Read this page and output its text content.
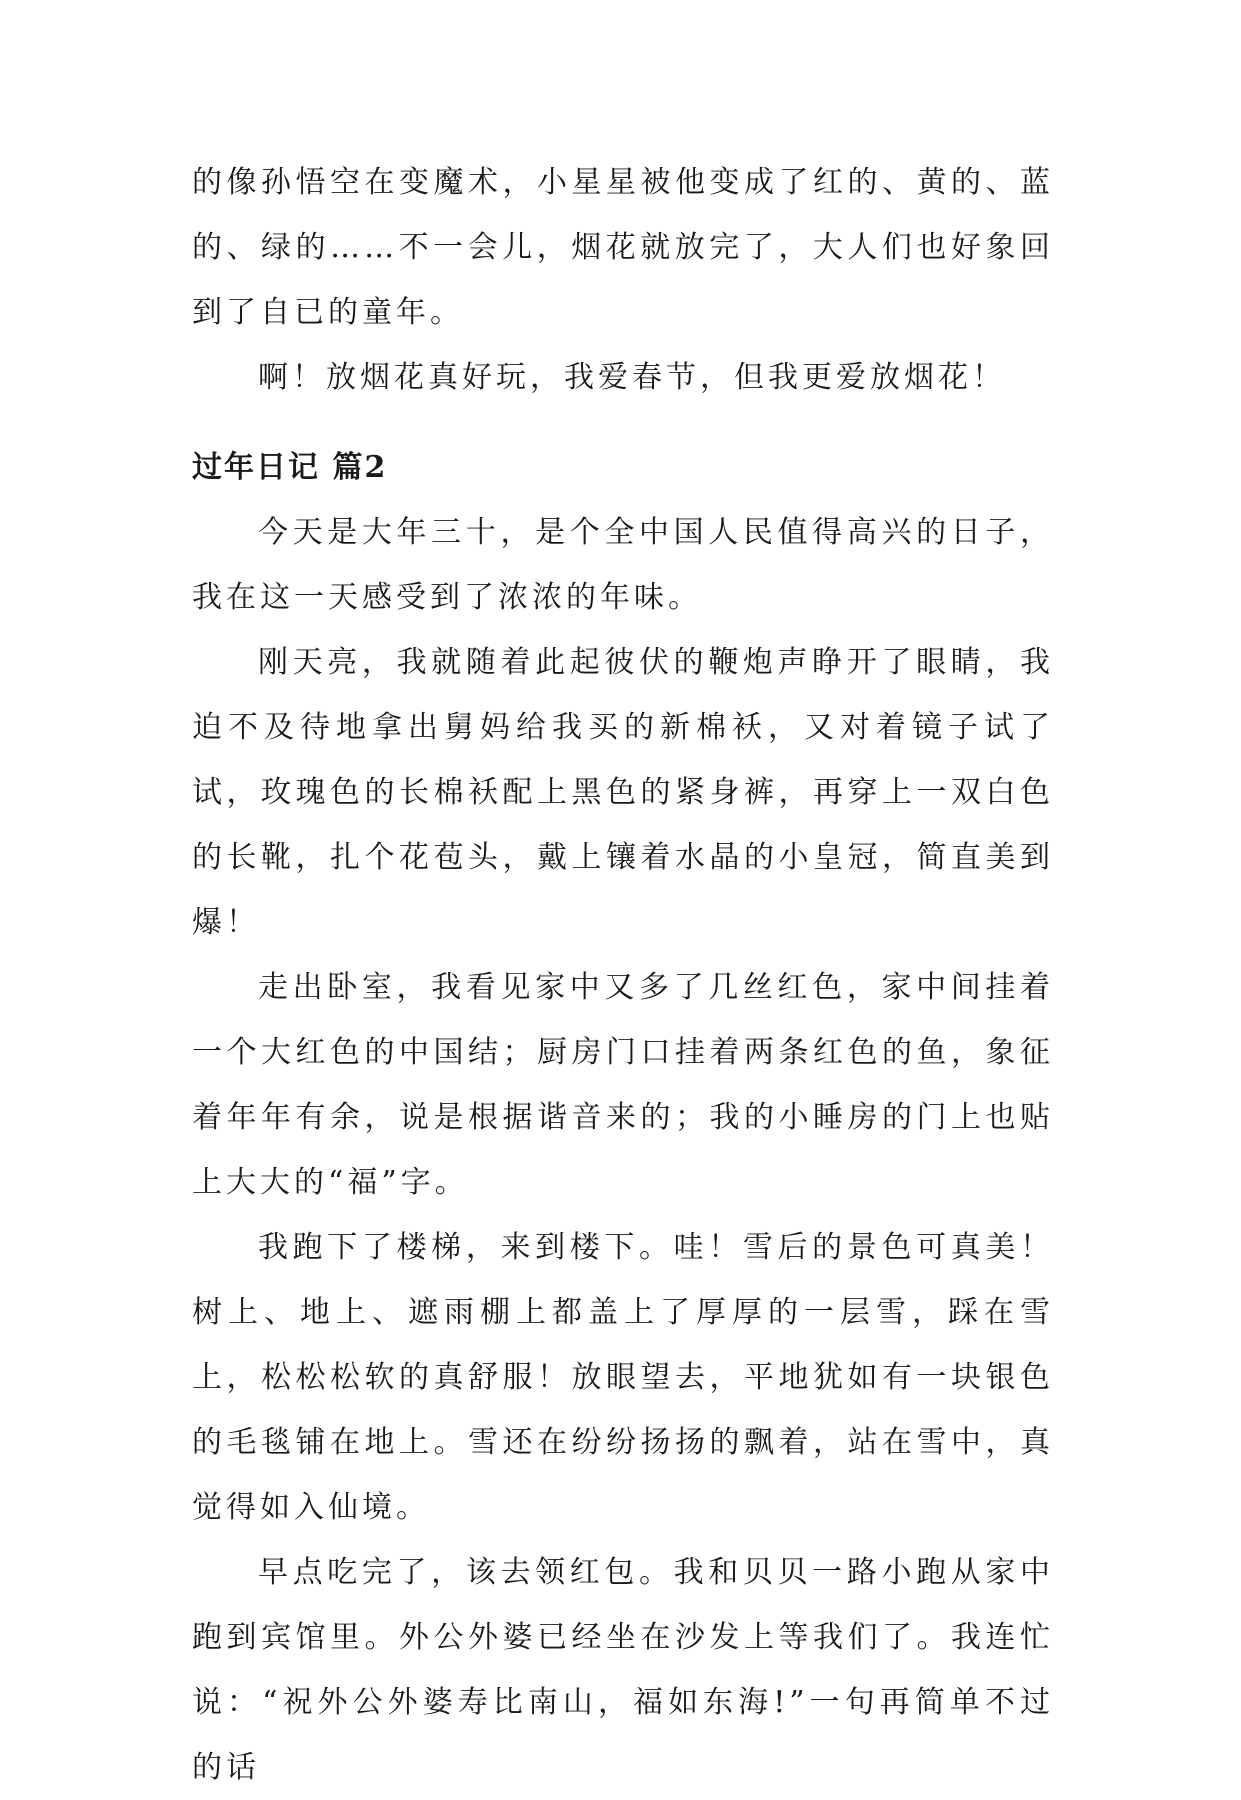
的像孙悟空在变魔术，小星星被他变成了红的、黄的、蓝的、绿的……不一会儿，烟花就放完了，大人们也好象回到了自已的童年。

啊！放烟花真好玩，我爱春节，但我更爱放烟花！

过年日记 篇2

今天是大年三十，是个全中国人民值得高兴的日子，我在这一天感受到了浓浓的年味。

刚天亮，我就随着此起彼伏的鞭炮声睁开了眼睛，我迫不及待地拿出舅妈给我买的新棉袄，又对着镜子试了试，玫瑰色的长棉袄配上黑色的紧身裤，再穿上一双白色的长靴，扎个花苞头，戴上镶着水晶的小皇冠，简直美到爆！

走出卧室，我看见家中又多了几丝红色，家中间挂着一个大红色的中国结；厨房门口挂着两条红色的鱼，象征着年年有余，说是根据谐音来的；我的小睡房的门上也贴上大大的“福”字。

我跑下了楼梯，来到楼下。哇！雪后的景色可真美！树上、地上、遮雨棚上都盖上了厚厚的一层雪，踩在雪上，松松松软的真舒服！放眼望去，平地犹如有一块银色的毛毯铺在地上。雪还在纷纷扬扬的飘着，站在雪中，真觉得如入仙境。

早点吃完了，该去领红包。我和贝贝一路小跑从家中跑到宾馆里。外公外婆已经坐在沙发上等我们了。我连忙说：“祝外公外婆寿比南山，福如东海!”一句再简单不过的话
